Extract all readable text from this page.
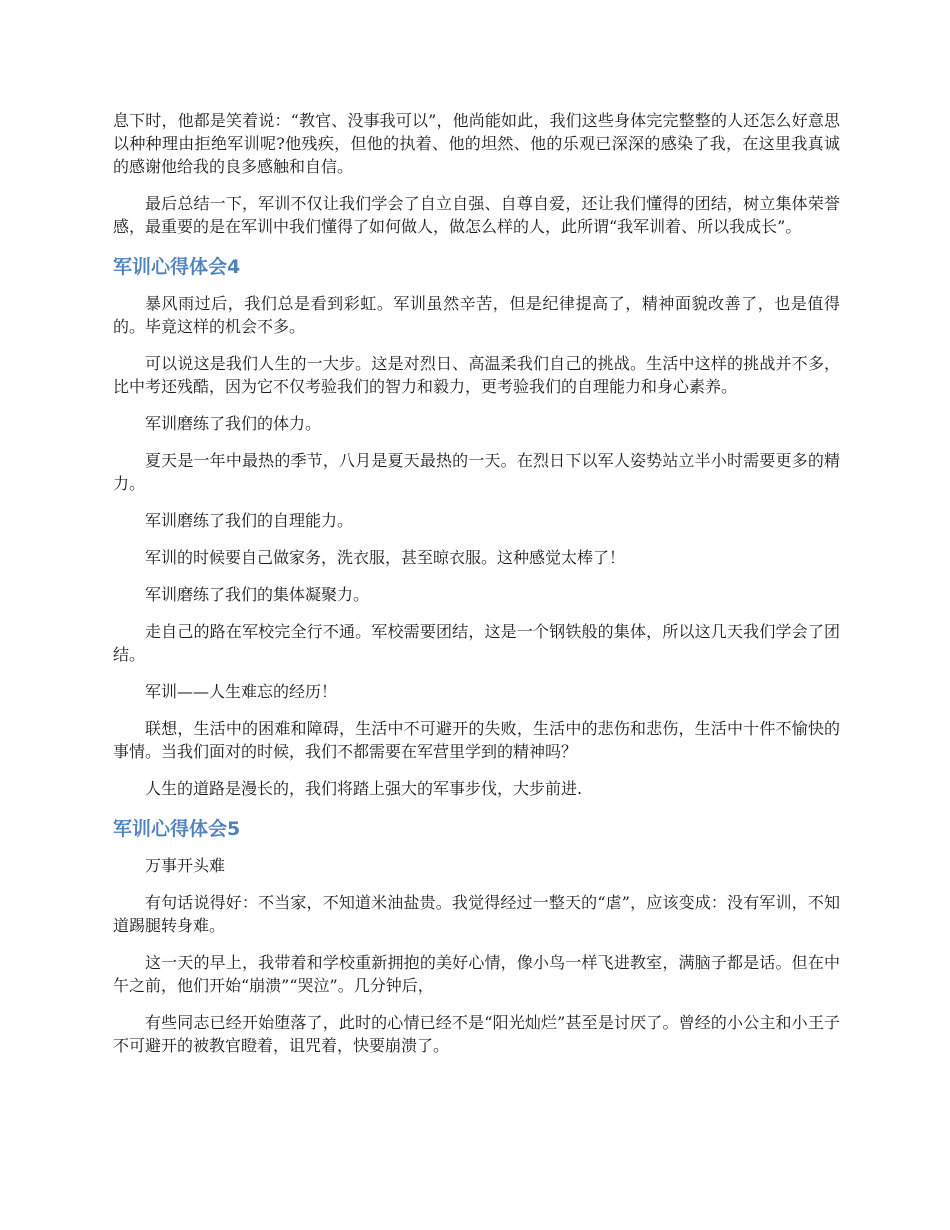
息下时，他都是笑着说：“教官、没事我可以”，他尚能如此，我们这些身体完完整整的人还怎么好意思以种种理由拒绝军训呢?他残疾，但他的执着、他的坦然、他的乐观已深深的感染了我，在这里我真诚的感谢他给我的良多感触和自信。

最后总结一下，军训不仅让我们学会了自立自强、自尊自爱，还让我们懂得的团结，树立集体荣誉感，最重要的是在军训中我们懂得了如何做人，做怎么样的人，此所谓“我军训着、所以我成长”。

军训心得体会4

暴风雨过后，我们总是看到彩虹。军训虽然辛苦，但是纪律提高了，精神面貌改善了，也是值得的。毕竟这样的机会不多。

可以说这是我们人生的一大步。这是对烈日、高温柔我们自己的挑战。生活中这样的挑战并不多，比中考还残酷，因为它不仅考验我们的智力和毅力，更考验我们的自理能力和身心素养。

军训磨练了我们的体力。

夏天是一年中最热的季节，八月是夏天最热的一天。在烈日下以军人姿势站立半小时需要更多的精力。

军训磨练了我们的自理能力。

军训的时候要自己做家务，洗衣服，甚至晾衣服。这种感觉太棒了！

军训磨练了我们的集体凝聚力。

走自己的路在军校完全行不通。军校需要团结，这是一个钢铁般的集体，所以这几天我们学会了团结。

军训——人生难忘的经历！

联想，生活中的困难和障碍，生活中不可避开的失败，生活中的悲伤和悲伤，生活中十件不愉快的事情。当我们面对的时候，我们不都需要在军营里学到的精神吗？

人生的道路是漫长的，我们将踏上强大的军事步伐，大步前进.

军训心得体会5

万事开头难

有句话说得好：不当家，不知道米油盐贵。我觉得经过一整天的“虐”，应该变成：没有军训，不知道踢腿转身难。

这一天的早上，我带着和学校重新拥抱的美好心情，像小鸟一样飞进教室，满脑子都是话。但在中午之前，他们开始“崩溃”“哭泣”。几分钟后，

有些同志已经开始堕落了，此时的心情已经不是“阳光灿烂”甚至是讨厌了。曾经的小公主和小王子不可避开的被教官瞪着，诅咒着，快要崩溃了。
